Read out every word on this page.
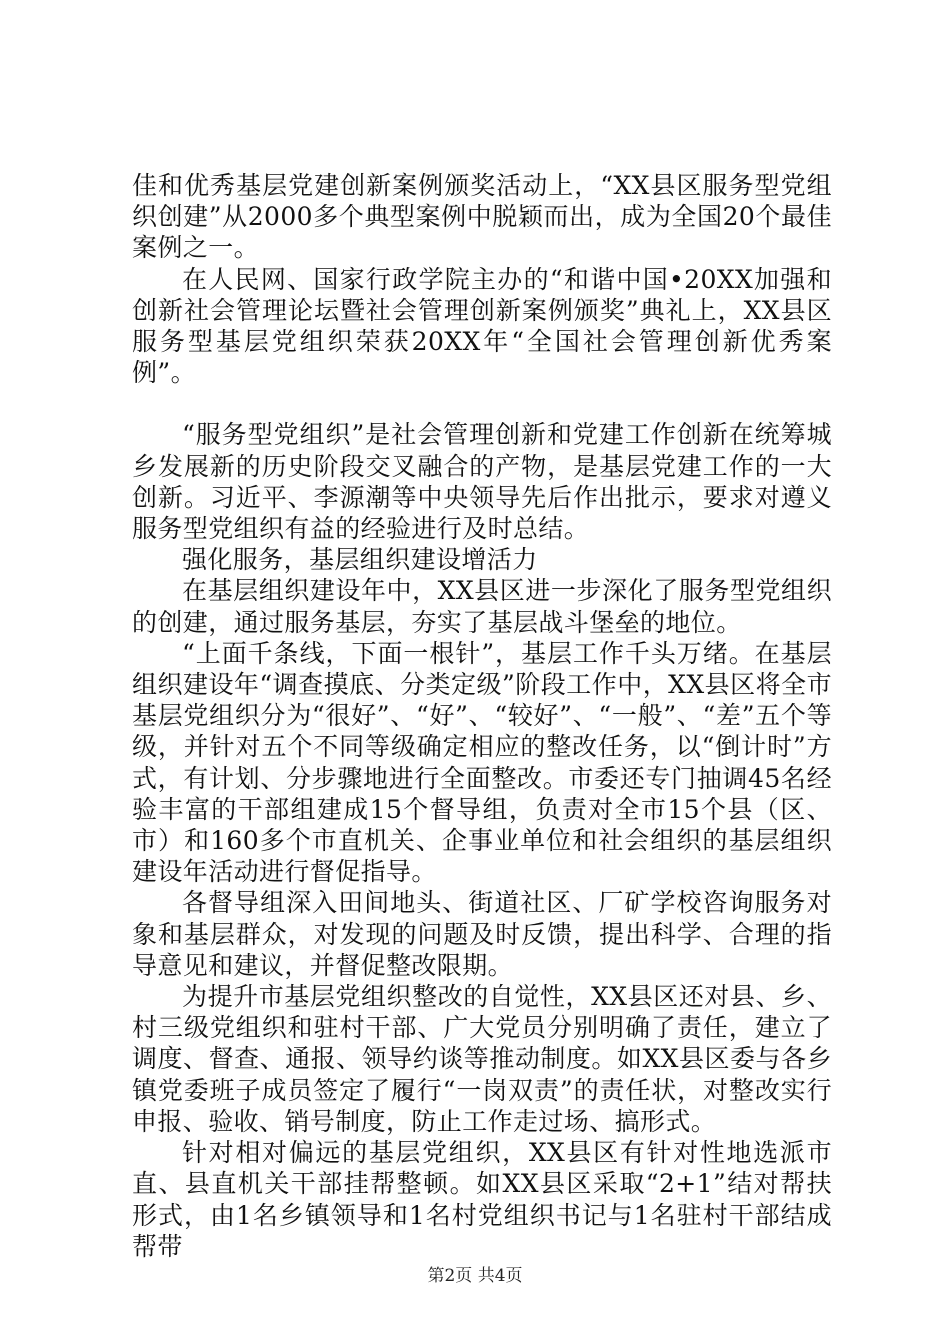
佳和优秀基层党建创新案例颁奖活动上，“XX县区服务型党组织创建”从2000多个典型案例中脱颖而出，成为全国20个最佳案例之一。

在人民网、国家行政学院主办的“和谐中国•20XX加强和创新社会管理论坛暨社会管理创新案例颁奖”典礼上，XX县区服务型基层党组织荣获20XX年“全国社会管理创新优秀案例”。

“服务型党组织”是社会管理创新和党建工作创新在统筹城乡发展新的历史阶段交叉融合的产物，是基层党建工作的一大创新。习近平、李源潮等中央领导先后作出批示，要求对遵义服务型党组织有益的经验进行及时总结。

强化服务，基层组织建设增活力

在基层组织建设年中，XX县区进一步深化了服务型党组织的创建，通过服务基层，夯实了基层战斗堡垒的地位。

“上面千条线，下面一根针”，基层工作千头万绪。在基层组织建设年“调查摸底、分类定级”阶段工作中，XX县区将全市基层党组织分为“很好”、“好”、“较好”、“一般”、“差”五个等级，并针对五个不同等级确定相应的整改任务，以“倒计时”方式，有计划、分步骤地进行全面整改。市委还专门抽调45名经验丰富的干部组建成15个督导组，负责对全市15个县（区、市）和160多个市直机关、企事业单位和社会组织的基层组织建设年活动进行督促指导。

各督导组深入田间地头、街道社区、厂矿学校咨询服务对象和基层群众，对发现的问题及时反馈，提出科学、合理的指导意见和建议，并督促整改限期。

为提升市基层党组织整改的自觉性，XX县区还对县、乡、村三级党组织和驻村干部、广大党员分别明确了责任，建立了调度、督查、通报、领导约谈等推动制度。如XX县区委与各乡镇党委班子成员签定了履行“一岗双责”的责任状，对整改实行申报、验收、销号制度，防止工作走过场、搞形式。

针对相对偏远的基层党组织，XX县区有针对性地选派市直、县直机关干部挂帮整顿。如XX县区采取“2+1”结对帮扶形式，由1名乡镇领导和1名村党组织书记与1名驻村干部结成帮带

第2页 共4页
